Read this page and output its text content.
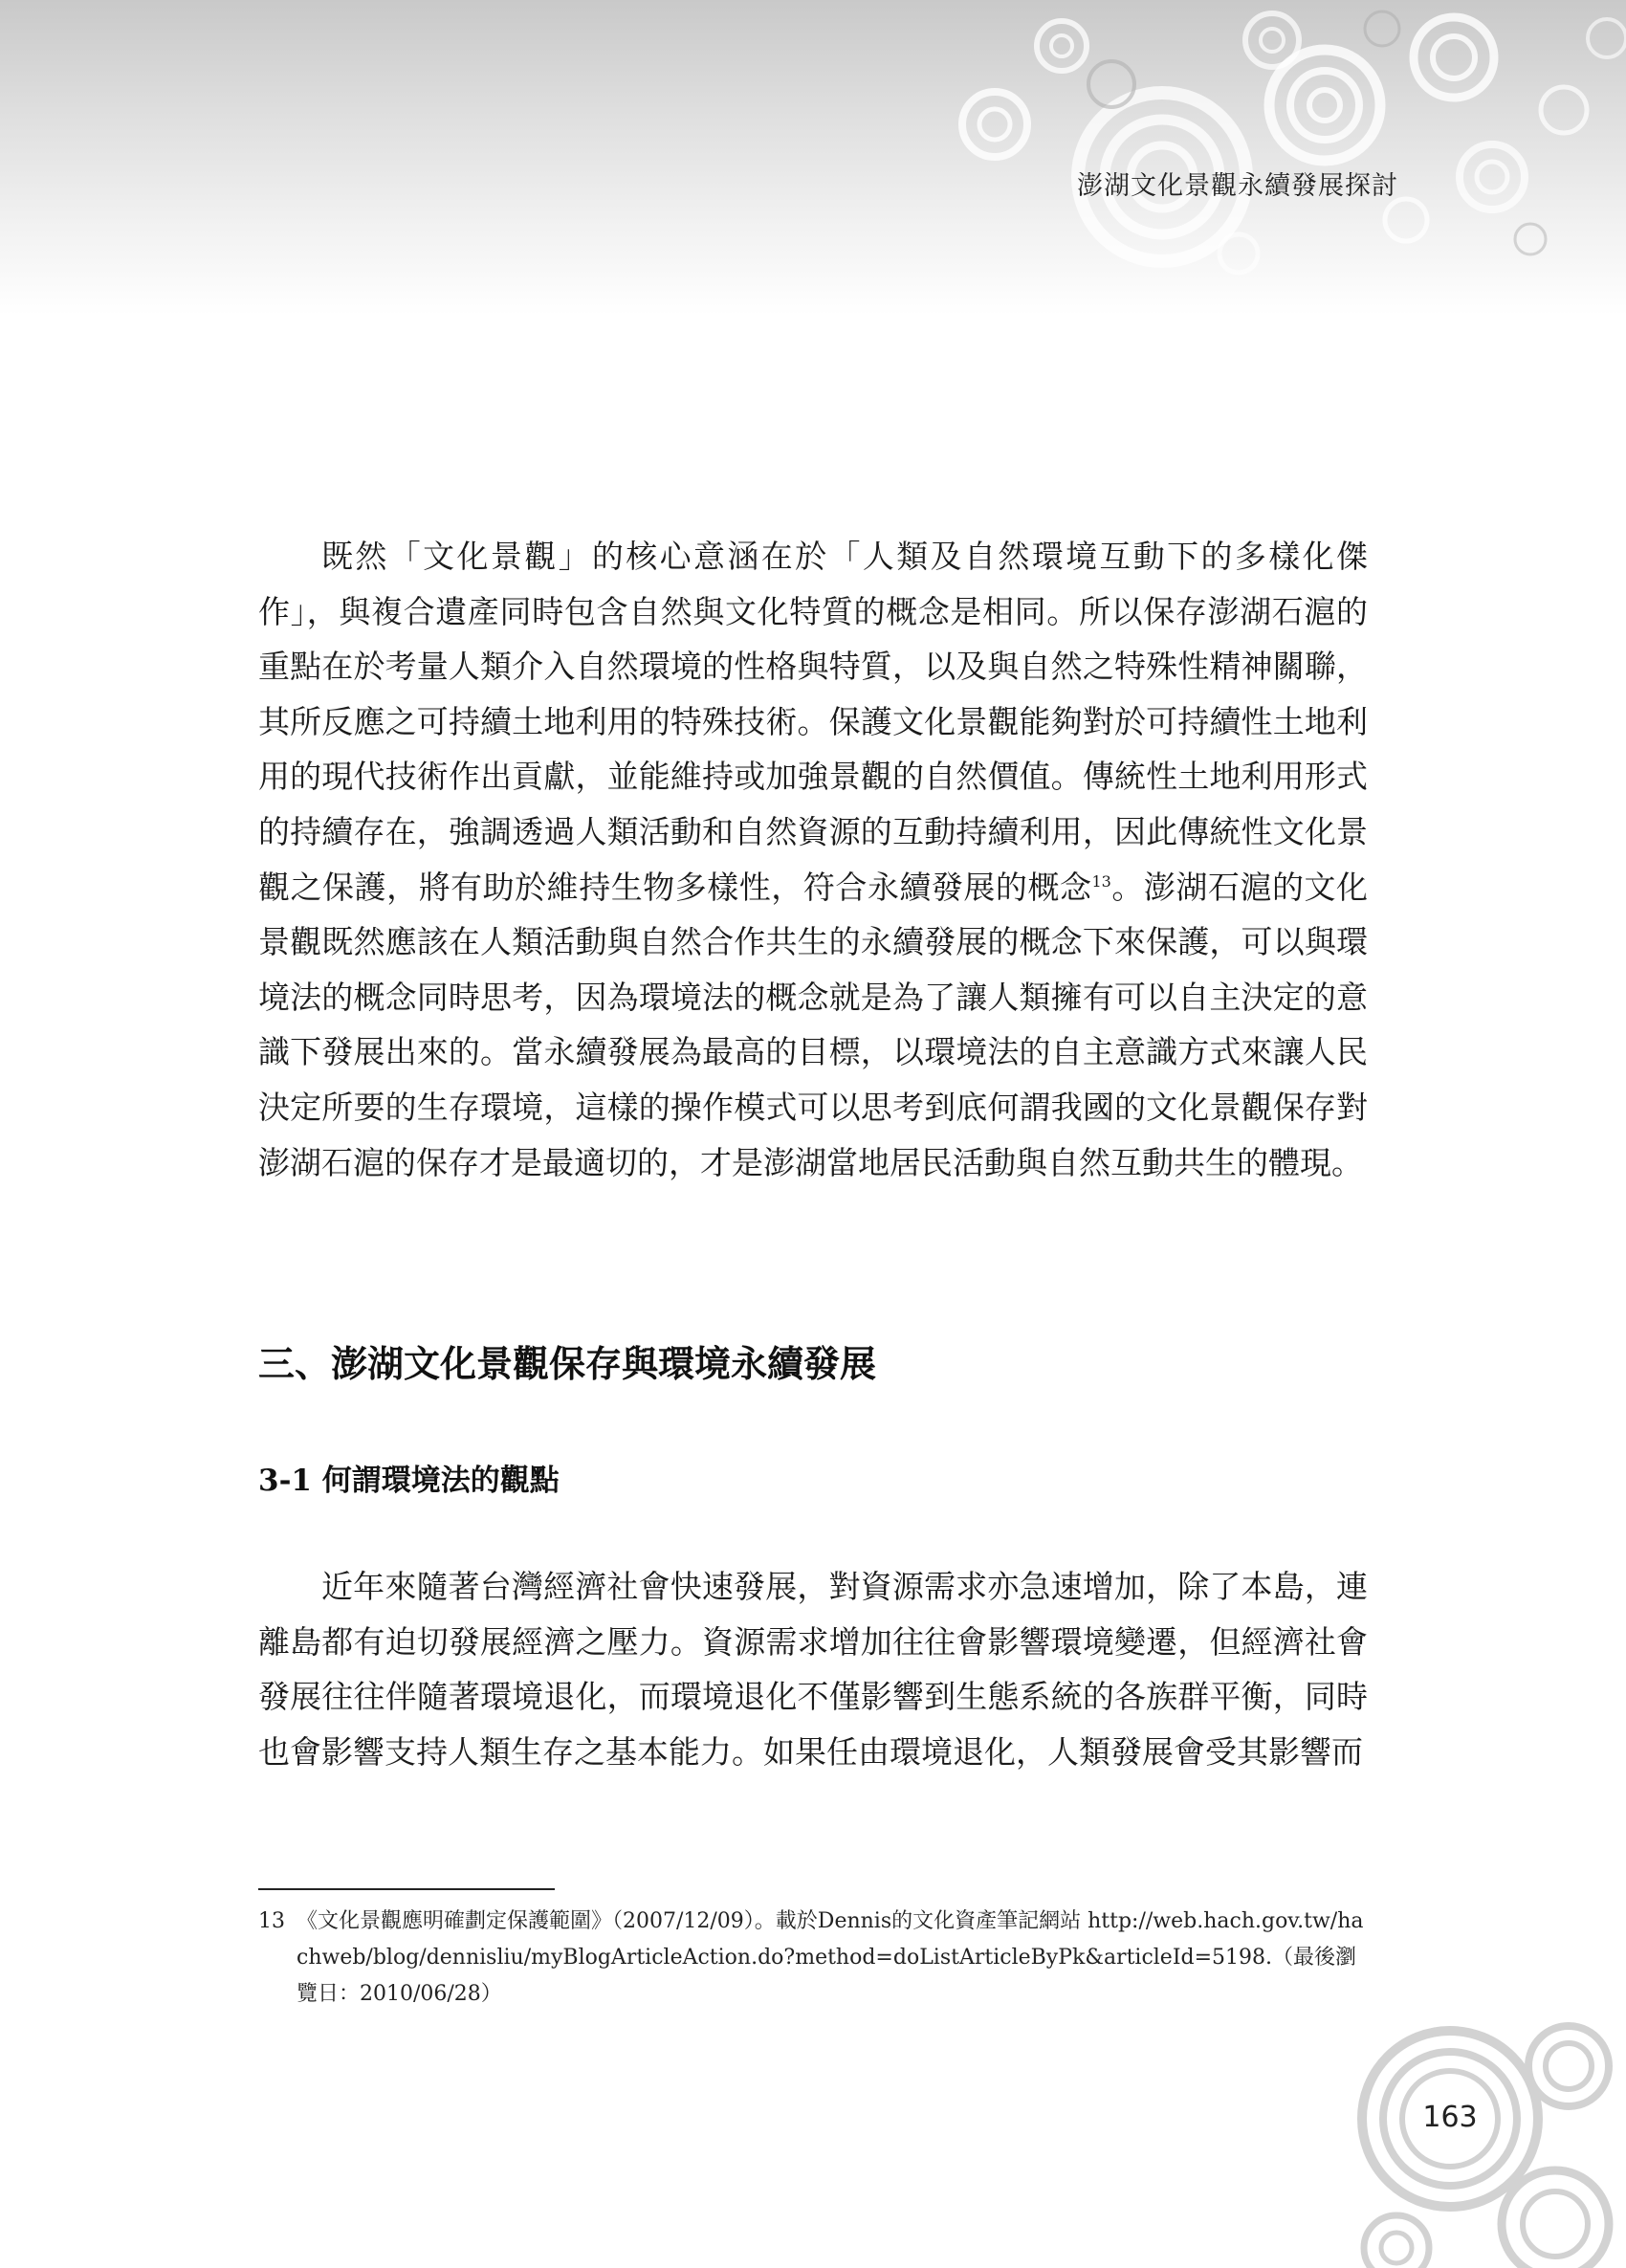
澎湖文化景觀永續發展探討

既然「文化景觀」的核心意涵在於「人類及自然環境互動下的多樣化傑作」，與複合遺產同時包含自然與文化特質的概念是相同。所以保存澎湖石滬的重點在於考量人類介入自然環境的性格與特質，以及與自然之特殊性精神關聯，其所反應之可持續土地利用的特殊技術。保護文化景觀能夠對於可持續性土地利用的現代技術作出貢獻，並能維持或加強景觀的自然價值。傳統性土地利用形式的持續存在，強調透過人類活動和自然資源的互動持續利用，因此傳統性文化景觀之保護，將有助於維持生物多樣性，符合永續發展的概念$^{13}$。澎湖石滬的文化景觀既然應該在人類活動與自然合作共生的永續發展的概念下來保護，可以與環境法的概念同時思考，因為環境法的概念就是為了讓人類擁有可以自主決定的意識下發展出來的。當永續發展為最高的目標，以環境法的自主意識方式來讓人民決定所要的生存環境，這樣的操作模式可以思考到底何謂我國的文化景觀保存對澎湖石滬的保存才是最適切的，才是澎湖當地居民活動與自然互動共生的體現。

三、澎湖文化景觀保存與環境永續發展
3-1 何謂環境法的觀點

近年來隨著台灣經濟社會快速發展，對資源需求亦急速增加，除了本島，連離島都有迫切發展經濟之壓力。資源需求增加往往會影響環境變遷，但經濟社會發展往往伴隨著環境退化，而環境退化不僅影響到生態系統的各族群平衡，同時也會影響支持人類生存之基本能力。如果任由環境退化，人類發展會受其影響而

13 《文化景觀應明確劃定保護範圍》（2007/12/09）。載於Dennis的文化資產筆記網站 http://web.hach.gov.tw/hachweb/blog/dennisliu/myBlogArticleAction.do?method=doListArticleByPk&articleId=5198.（最後瀏覽日：2010/06/28）
163
